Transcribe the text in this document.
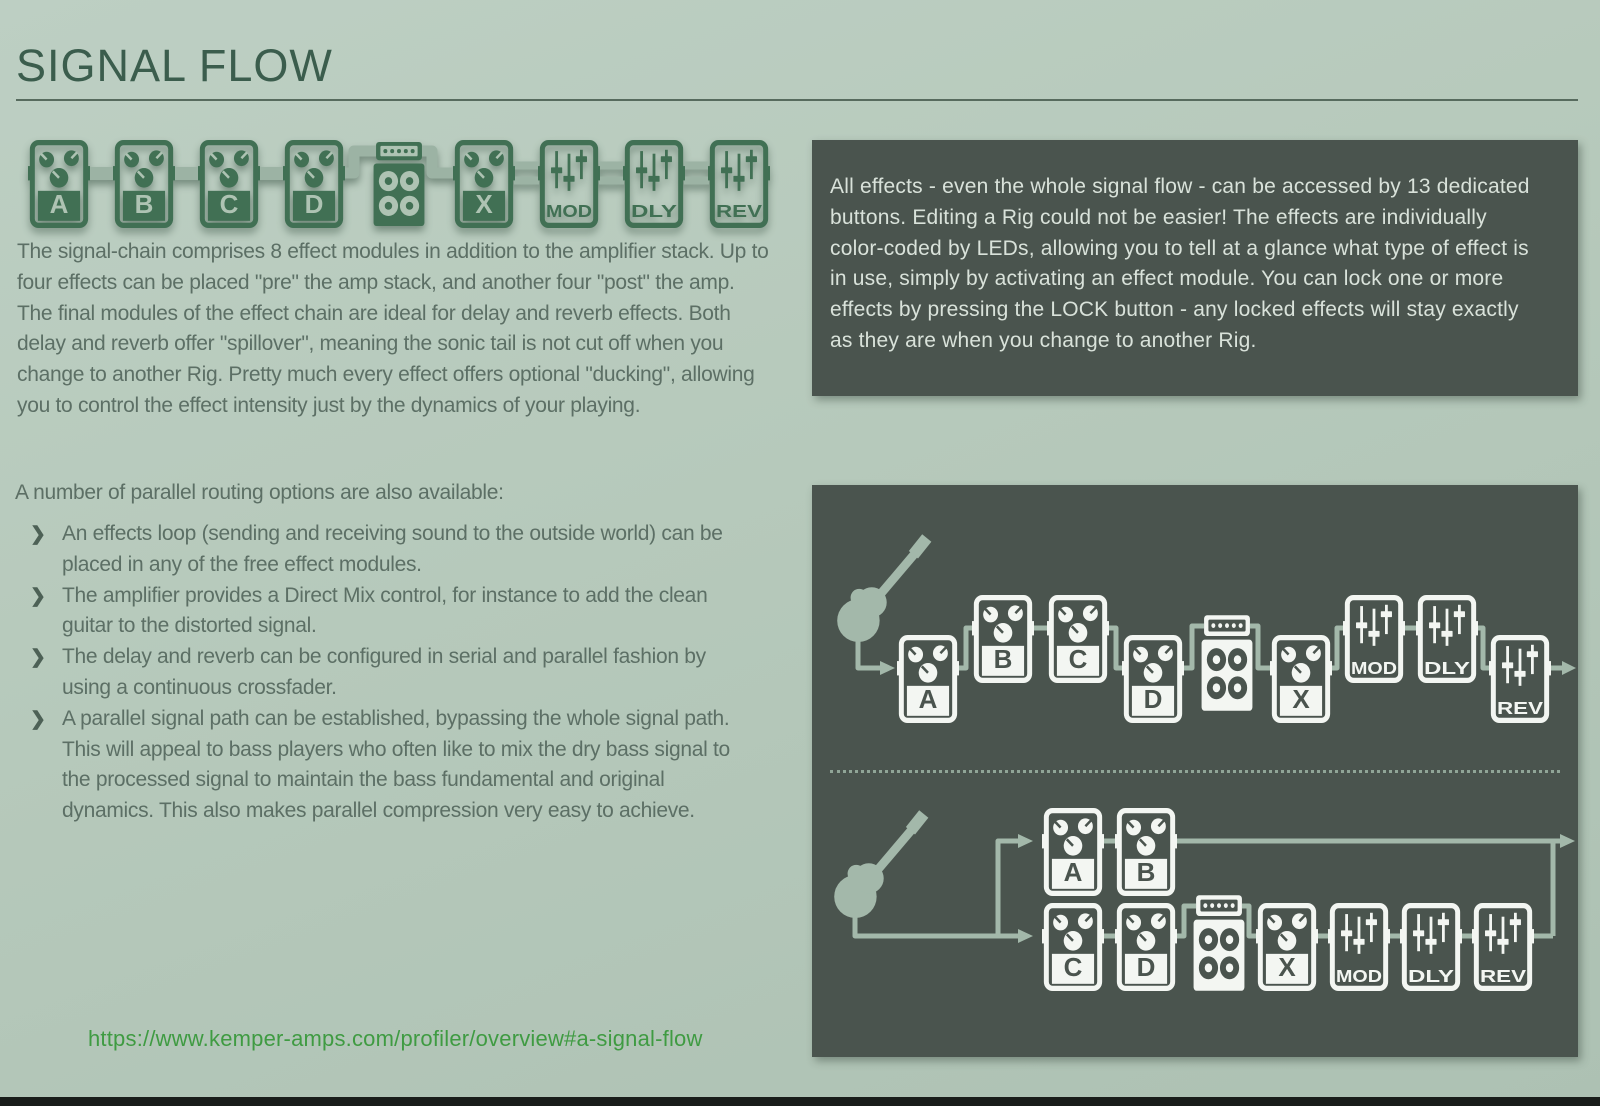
SIGNAL FLOW
A	B	C	D	X	MOD DLY REV

The signal-chain comprises 8 effect modules in addition to the amplifier stack. Up to four effects can be placed "pre" the amp stack, and another four "post" the amp. The final modules of the effect chain are ideal for delay and reverb effects. Both delay and reverb offer "spillover", meaning the sonic tail is not cut off when you change to another Rig. Pretty much every effect offers optional "ducking", allowing you to control the effect intensity just by the dynamics of your playing.

A number of parallel routing options are also available:

❯ An effects loop (sending and receiving sound to the outside world) can be placed in any of the free effect modules.
❯ The amplifier provides a Direct Mix control, for instance to add the clean guitar to the distorted signal.
❯ The delay and reverb can be configured in serial and parallel fashion by using a continuous crossfader.
❯ A parallel signal path can be established, bypassing the whole signal path. This will appeal to bass players who often like to mix the dry bass signal to the processed signal to maintain the bass fundamental and original dynamics. This also makes parallel compression very easy to achieve.
https://www.kemper-amps.com/profiler/overview#a-signal-flow

All effects - even the whole signal flow - can be accessed by 13 dedicated buttons. Editing a Rig could not be easier! The effects are individually color-coded by LEDs, allowing you to tell at a glance what type of effect is in use, simply by activating an effect module. You can lock one or more effects by pressing the LOCK button - any locked effects will stay exactly as they are when you change to another Rig.

A
B C
D	X
MOD DLY
REV
A B
C D	X MOD DLY REV
